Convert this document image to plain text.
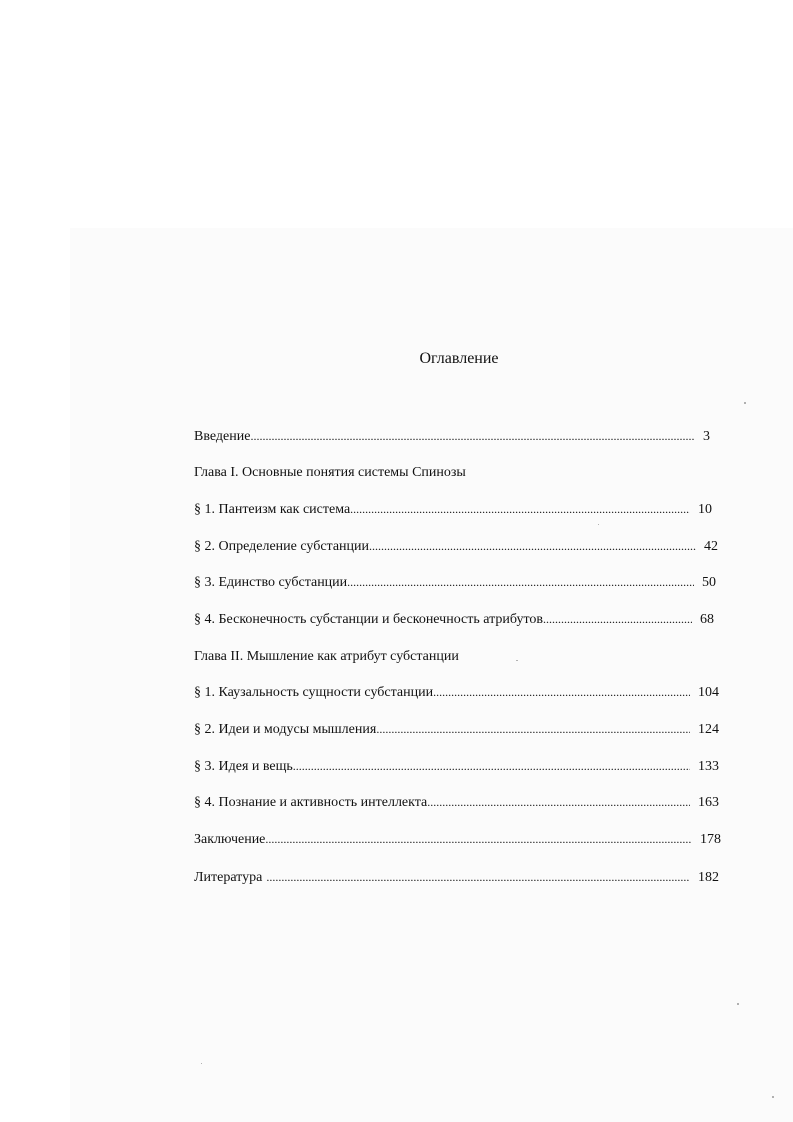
Оглавление
Введение .....	3
Глава I. Основные понятия системы Спинозы
§ 1. Пантеизм как система .....	10
§ 2. Определение субстанции .....	42
§ 3. Единство субстанции .....	50
§ 4. Бесконечность субстанции и бесконечность атрибутов .....	68
Глава II. Мышление как атрибут субстанции
§ 1. Каузальность сущности субстанции .....	104
§ 2. Идеи и модусы мышления .....	124
§ 3. Идея и вещь .....	133
§ 4. Познание и активность интеллекта .....	163
Заключение .....	178
Литература .....	182
